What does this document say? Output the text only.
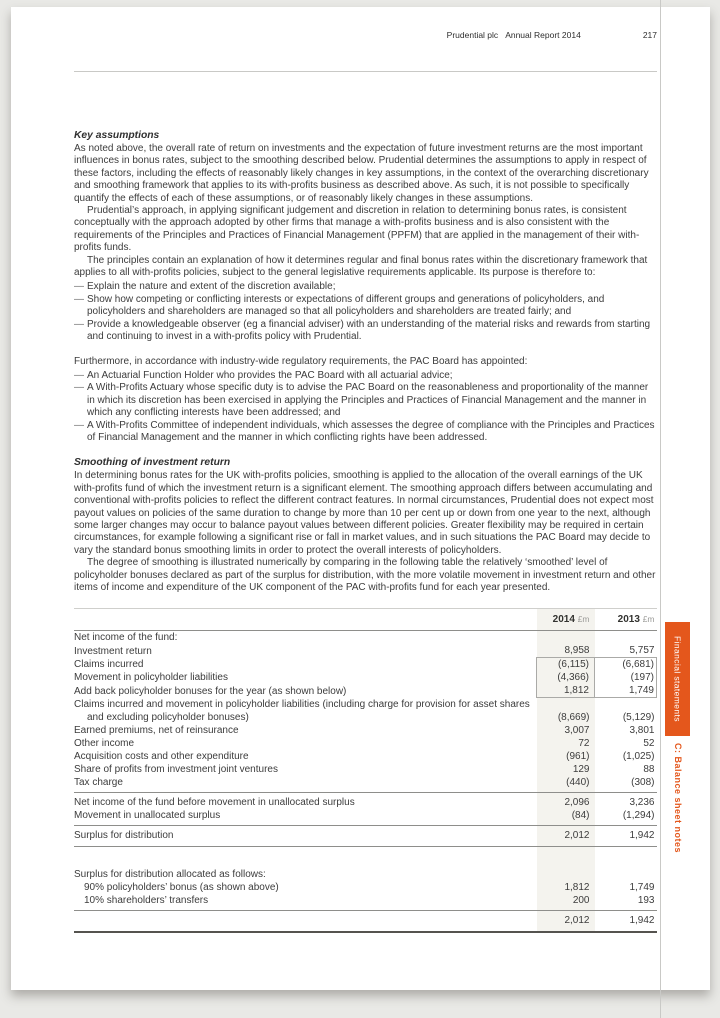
Prudential plc Annual Report 2014	217
Key assumptions

As noted above, the overall rate of return on investments and the expectation of future investment returns are the most important influences in bonus rates, subject to the smoothing described below. Prudential determines the assumptions to apply in respect of these factors, including the effects of reasonably likely changes in key assumptions, in the context of the overarching discretionary and smoothing framework that applies to its with-profits business as described above. As such, it is not possible to specifically quantify the effects of each of these assumptions, or of reasonably likely changes in these assumptions.

Prudential’s approach, in applying significant judgement and discretion in relation to determining bonus rates, is consistent conceptually with the approach adopted by other firms that manage a with-profits business and is also consistent with the requirements of the Principles and Practices of Financial Management (PPFM) that are applied in the management of their with-profits funds.

The principles contain an explanation of how it determines regular and final bonus rates within the discretionary framework that applies to all with-profits policies, subject to the general legislative requirements applicable. Its purpose is therefore to:

— Explain the nature and extent of the discretion available;
— Show how competing or conflicting interests or expectations of different groups and generations of policyholders, and policyholders and shareholders are managed so that all policyholders and shareholders are treated fairly; and
— Provide a knowledgeable observer (eg a financial adviser) with an understanding of the material risks and rewards from starting and continuing to invest in a with-profits policy with Prudential.

Furthermore, in accordance with industry-wide regulatory requirements, the PAC Board has appointed:

— An Actuarial Function Holder who provides the PAC Board with all actuarial advice;
— A With-Profits Actuary whose specific duty is to advise the PAC Board on the reasonableness and proportionality of the manner in which its discretion has been exercised in applying the Principles and Practices of Financial Management and the manner in which any conflicting interests have been addressed; and
— A With-Profits Committee of independent individuals, which assesses the degree of compliance with the Principles and Practices of Financial Management and the manner in which conflicting rights have been addressed.
Smoothing of investment return

In determining bonus rates for the UK with-profits policies, smoothing is applied to the allocation of the overall earnings of the UK with-profits fund of which the investment return is a significant element. The smoothing approach differs between accumulating and conventional with-profits policies to reflect the different contract features. In normal circumstances, Prudential does not expect most payout values on policies of the same duration to change by more than 10 per cent up or down from one year to the next, although some larger changes may occur to balance payout values between different policies. Greater flexibility may be required in certain circumstances, for example following a significant rise or fall in market values, and in such situations the PAC Board may decide to vary the standard bonus smoothing limits in order to protect the overall interests of policyholders.

The degree of smoothing is illustrated numerically by comparing in the following table the relatively ‘smoothed’ level of policyholder bonuses declared as part of the surplus for distribution, with the more volatile movement in investment return and other items of income and expenditure of the UK component of the PAC with-profits fund for each year presented.

	2014 £m	2013 £m
Net income of the fund:		
Investment return	8,958	5,757
Claims incurred	(6,115)	(6,681)
Movement in policyholder liabilities	(4,366)	(197)
Add back policyholder bonuses for the year (as shown below)	1,812	1,749
Claims incurred and movement in policyholder liabilities (including charge for provision for asset shares and excluding policyholder bonuses)	(8,669)	(5,129)
Earned premiums, net of reinsurance	3,007	3,801
Other income	72	52
Acquisition costs and other expenditure	(961)	(1,025)
Share of profits from investment joint ventures	129	88
Tax charge	(440)	(308)
Net income of the fund before movement in unallocated surplus	2,096	3,236
Movement in unallocated surplus	(84)	(1,294)
Surplus for distribution	2,012	1,942

Surplus for distribution allocated as follows:		
90% policyholders’ bonus (as shown above)	1,812	1,749
10% shareholders’ transfers	200	193
	2,012	1,942
Financial statements
C: Balance sheet notes
